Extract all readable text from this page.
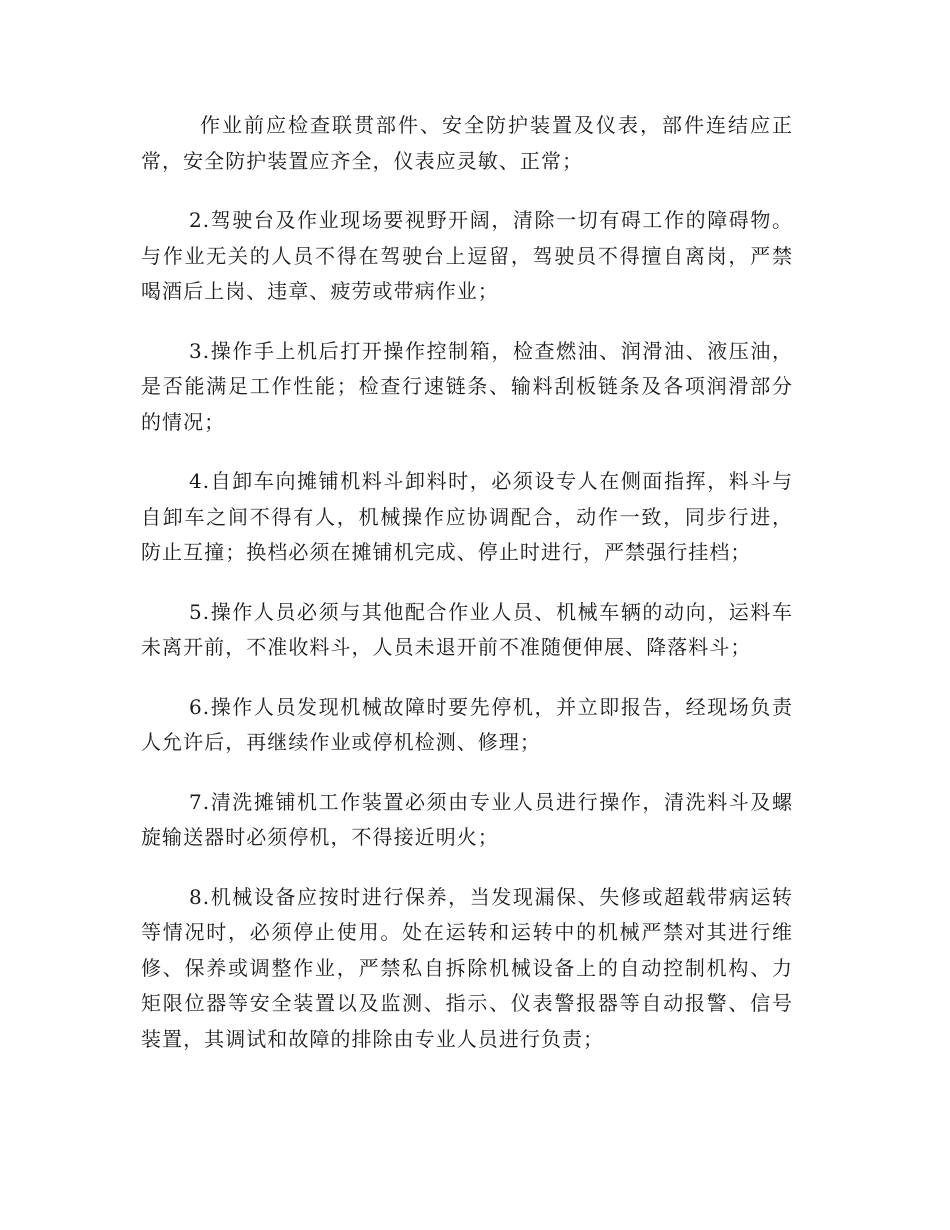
作业前应检查联贯部件、安全防护装置及仪表，部件连结应正常，安全防护装置应齐全，仪表应灵敏、正常；

2.驾驶台及作业现场要视野开阔，清除一切有碍工作的障碍物。与作业无关的人员不得在驾驶台上逗留，驾驶员不得擅自离岗，严禁喝酒后上岗、违章、疲劳或带病作业；

3.操作手上机后打开操作控制箱，检查燃油、润滑油、液压油，是否能满足工作性能；检查行速链条、输料刮板链条及各项润滑部分的情况；

4.自卸车向摊铺机料斗卸料时，必须设专人在侧面指挥，料斗与自卸车之间不得有人，机械操作应协调配合，动作一致，同步行进，防止互撞；换档必须在摊铺机完成、停止时进行，严禁强行挂档；

5.操作人员必须与其他配合作业人员、机械车辆的动向，运料车未离开前，不准收料斗，人员未退开前不准随便伸展、降落料斗；

6.操作人员发现机械故障时要先停机，并立即报告，经现场负责人允许后，再继续作业或停机检测、修理；

7.清洗摊铺机工作装置必须由专业人员进行操作，清洗料斗及螺旋输送器时必须停机，不得接近明火；

8.机械设备应按时进行保养，当发现漏保、失修或超载带病运转等情况时，必须停止使用。处在运转和运转中的机械严禁对其进行维修、保养或调整作业，严禁私自拆除机械设备上的自动控制机构、力矩限位器等安全装置以及监测、指示、仪表警报器等自动报警、信号装置，其调试和故障的排除由专业人员进行负责；
